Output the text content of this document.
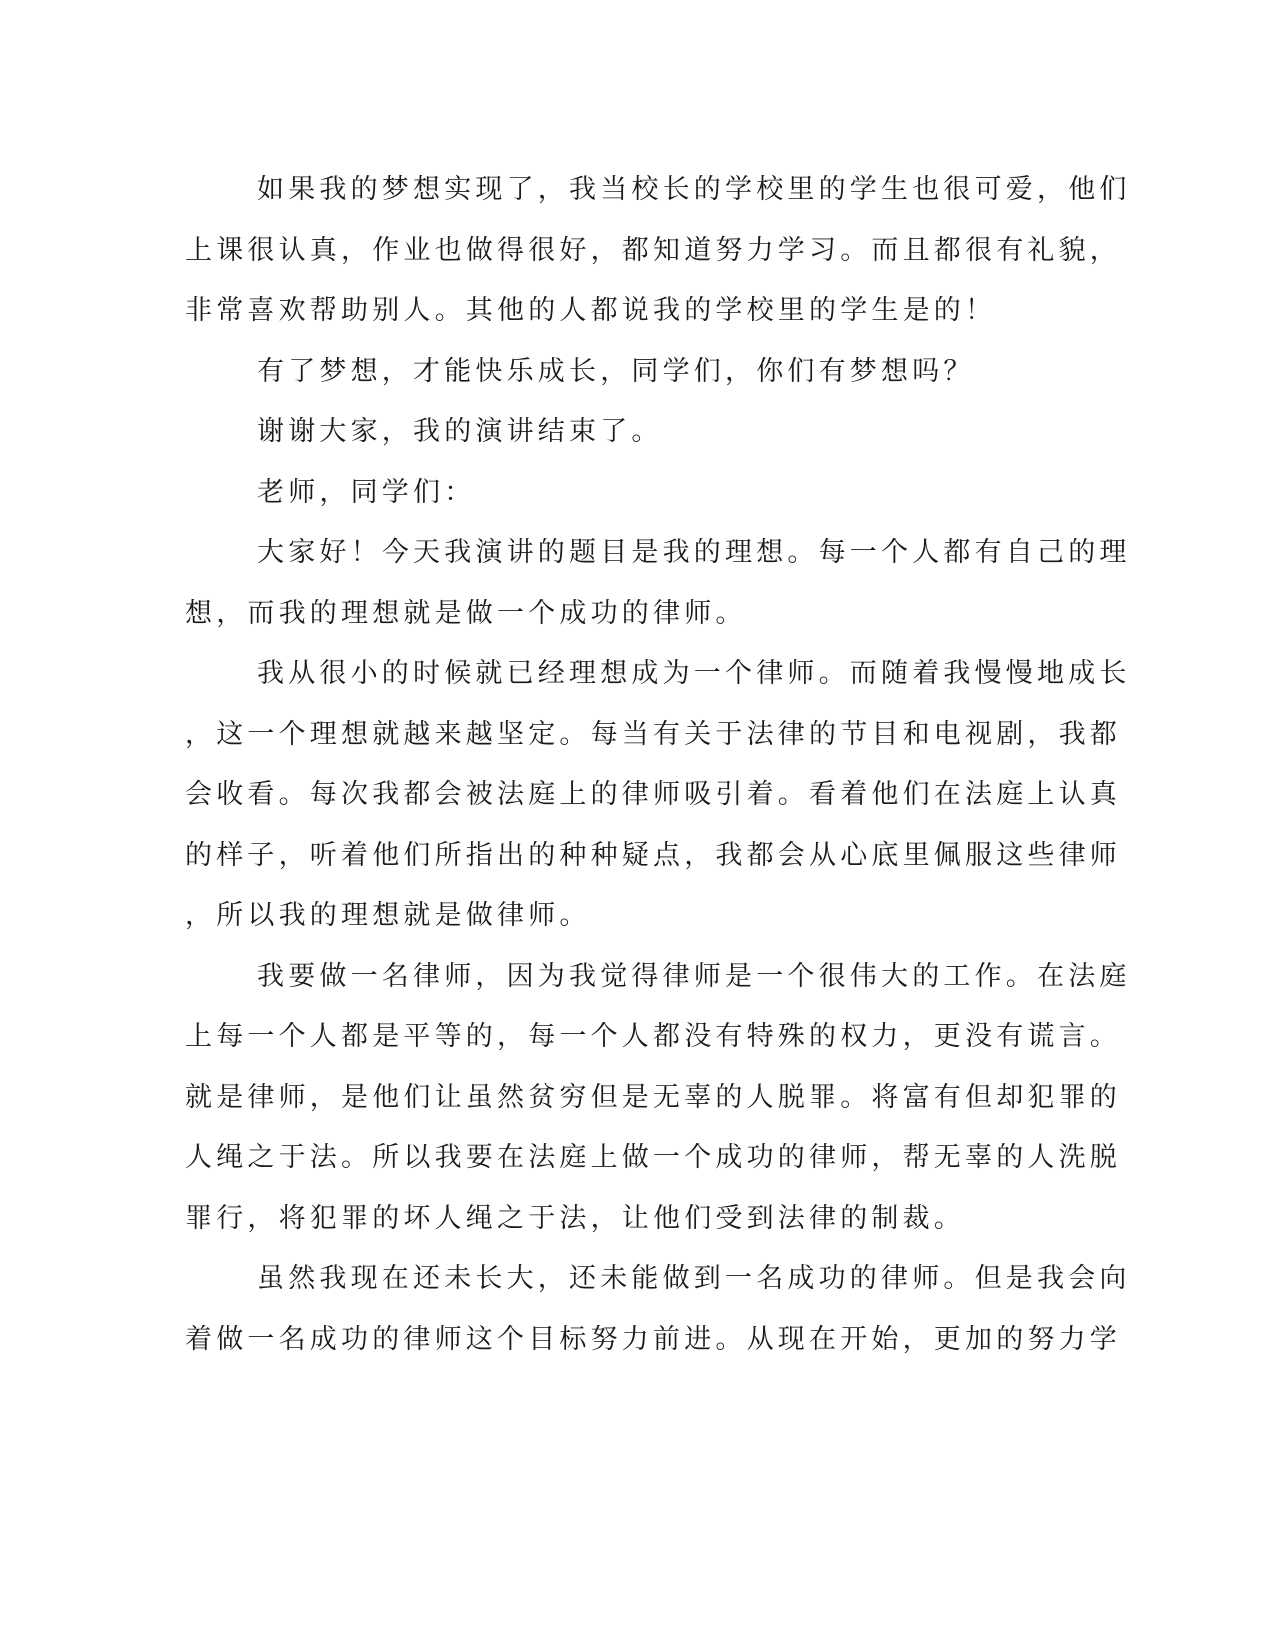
如果我的梦想实现了，我当校长的学校里的学生也很可爱，他们
上课很认真，作业也做得很好，都知道努力学习。而且都很有礼貌，
非常喜欢帮助别人。其他的人都说我的学校里的学生是的！
有了梦想，才能快乐成长，同学们，你们有梦想吗？
谢谢大家，我的演讲结束了。
老师，同学们：
大家好！今天我演讲的题目是我的理想。每一个人都有自己的理
想，而我的理想就是做一个成功的律师。
我从很小的时候就已经理想成为一个律师。而随着我慢慢地成长
，这一个理想就越来越坚定。每当有关于法律的节目和电视剧，我都
会收看。每次我都会被法庭上的律师吸引着。看着他们在法庭上认真
的样子，听着他们所指出的种种疑点，我都会从心底里佩服这些律师
，所以我的理想就是做律师。
我要做一名律师，因为我觉得律师是一个很伟大的工作。在法庭
上每一个人都是平等的，每一个人都没有特殊的权力，更没有谎言。
就是律师，是他们让虽然贫穷但是无辜的人脱罪。将富有但却犯罪的
人绳之于法。所以我要在法庭上做一个成功的律师，帮无辜的人洗脱
罪行，将犯罪的坏人绳之于法，让他们受到法律的制裁。
虽然我现在还未长大，还未能做到一名成功的律师。但是我会向
着做一名成功的律师这个目标努力前进。从现在开始，更加的努力学
